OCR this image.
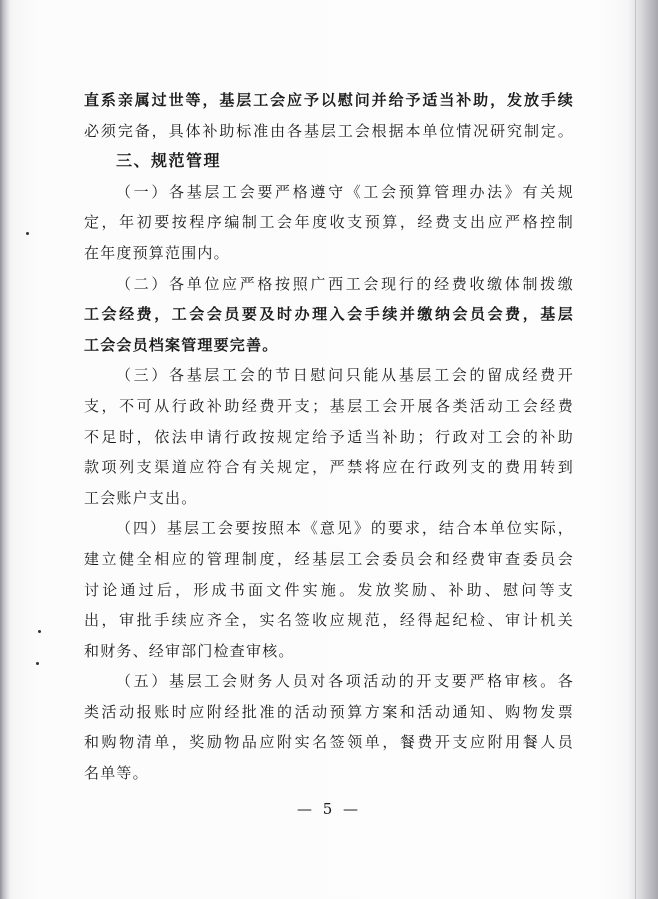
直系亲属过世等，基层工会应予以慰问并给予适当补助，发放手续
必须完备，具体补助标准由各基层工会根据本单位情况研究制定。
三、规范管理
（一）各基层工会要严格遵守《工会预算管理办法》有关规
定，年初要按程序编制工会年度收支预算，经费支出应严格控制
在年度预算范围内。
（二）各单位应严格按照广西工会现行的经费收缴体制拨缴
工会经费，工会会员要及时办理入会手续并缴纳会员会费，基层
工会会员档案管理要完善。
（三）各基层工会的节日慰问只能从基层工会的留成经费开
支，不可从行政补助经费开支；基层工会开展各类活动工会经费
不足时，依法申请行政按规定给予适当补助；行政对工会的补助
款项列支渠道应符合有关规定，严禁将应在行政列支的费用转到
工会账户支出。
（四）基层工会要按照本《意见》的要求，结合本单位实际，
建立健全相应的管理制度，经基层工会委员会和经费审查委员会
讨论通过后，形成书面文件实施。发放奖励、补助、慰问等支
出，审批手续应齐全，实名签收应规范，经得起纪检、审计机关
和财务、经审部门检查审核。
（五）基层工会财务人员对各项活动的开支要严格审核。各
类活动报账时应附经批准的活动预算方案和活动通知、购物发票
和购物清单，奖励物品应附实名签领单，餐费开支应附用餐人员
名单等。
— 5 —
